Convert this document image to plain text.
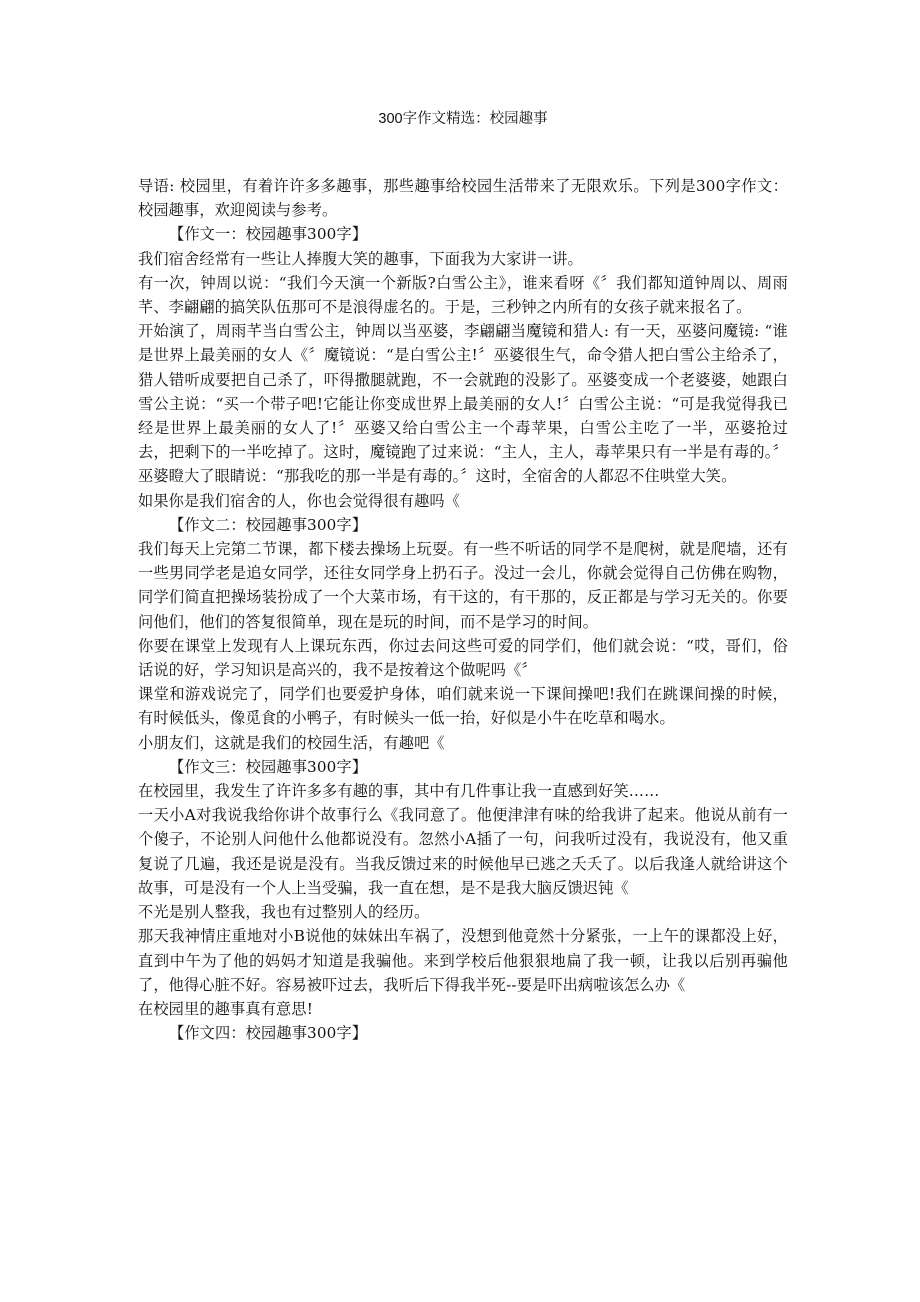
300字作文精选：校园趣事

导语: 校园里，有着许许多多趣事，那些趣事给校园生活带来了无限欢乐。下列是300字作文：校园趣事，欢迎阅读与参考。

【作文一：校园趣事300字】

我们宿舍经常有一些让人捧腹大笑的趣事，下面我为大家讲一讲。

有一次，钟周以说：“我们今天演一个新版?白雪公主》，谁来看呀《〞我们都知道钟周以、周雨芊、李翩翩的搞笑队伍那可不是浪得虚名的。于是，三秒钟之内所有的女孩子就来报名了。

开始演了，周雨芊当白雪公主，钟周以当巫婆，李翩翩当魔镜和猎人: 有一天，巫婆问魔镜: “谁是世界上最美丽的女人《〞魔镜说：“是白雪公主!〞巫婆很生气，命令猎人把白雪公主给杀了，猎人错听成要把自己杀了，吓得撒腿就跑，不一会就跑的没影了。巫婆变成一个老婆婆，她跟白雪公主说：“买一个带子吧!它能让你变成世界上最美丽的女人!〞白雪公主说：“可是我觉得我已经是世界上最美丽的女人了!〞巫婆又给白雪公主一个毒苹果，白雪公主吃了一半，巫婆抢过去，把剩下的一半吃掉了。这时，魔镜跑了过来说：“主人，主人，毒苹果只有一半是有毒的。〞巫婆瞪大了眼睛说：“那我吃的那一半是有毒的。〞这时，全宿舍的人都忍不住哄堂大笑。

如果你是我们宿舍的人，你也会觉得很有趣吗《

【作文二：校园趣事300字】

我们每天上完第二节课，都下楼去操场上玩耍。有一些不听话的同学不是爬树，就是爬墙，还有一些男同学老是追女同学，还往女同学身上扔石子。没过一会儿，你就会觉得自己仿佛在购物，同学们简直把操场装扮成了一个大菜市场，有干这的，有干那的，反正都是与学习无关的。你要问他们，他们的答复很简单，现在是玩的时间，而不是学习的时间。

你要在课堂上发现有人上课玩东西，你过去问这些可爱的同学们，他们就会说：“哎，哥们，俗话说的好，学习知识是高兴的，我不是按着这个做呢吗《〞

课堂和游戏说完了，同学们也要爱护身体，咱们就来说一下课间操吧!我们在跳课间操的时候，有时候低头，像觅食的小鸭子，有时候头一低一抬，好似是小牛在吃草和喝水。

小朋友们，这就是我们的校园生活，有趣吧《

【作文三：校园趣事300字】

在校园里，我发生了许许多多有趣的事，其中有几件事让我一直感到好笑……

一天小A对我说我给你讲个故事行么《我同意了。他便津津有味的给我讲了起来。他说从前有一个傻子，不论别人问他什么他都说没有。忽然小A插了一句，问我听过没有，我说没有，他又重复说了几遍，我还是说是没有。当我反馈过来的时候他早已逃之夭夭了。以后我逢人就给讲这个故事，可是没有一个人上当受骗，我一直在想，是不是我大脑反馈迟钝《

不光是别人整我，我也有过整别人的经历。

那天我神情庄重地对小B说他的妹妹出车祸了，没想到他竟然十分紧张，一上午的课都没上好，直到中午为了他的妈妈才知道是我骗他。来到学校后他狠狠地扁了我一顿，让我以后别再骗他了，他得心脏不好。容易被吓过去，我听后下得我半死--要是吓出病啦该怎么办《

在校园里的趣事真有意思!

【作文四：校园趣事300字】
